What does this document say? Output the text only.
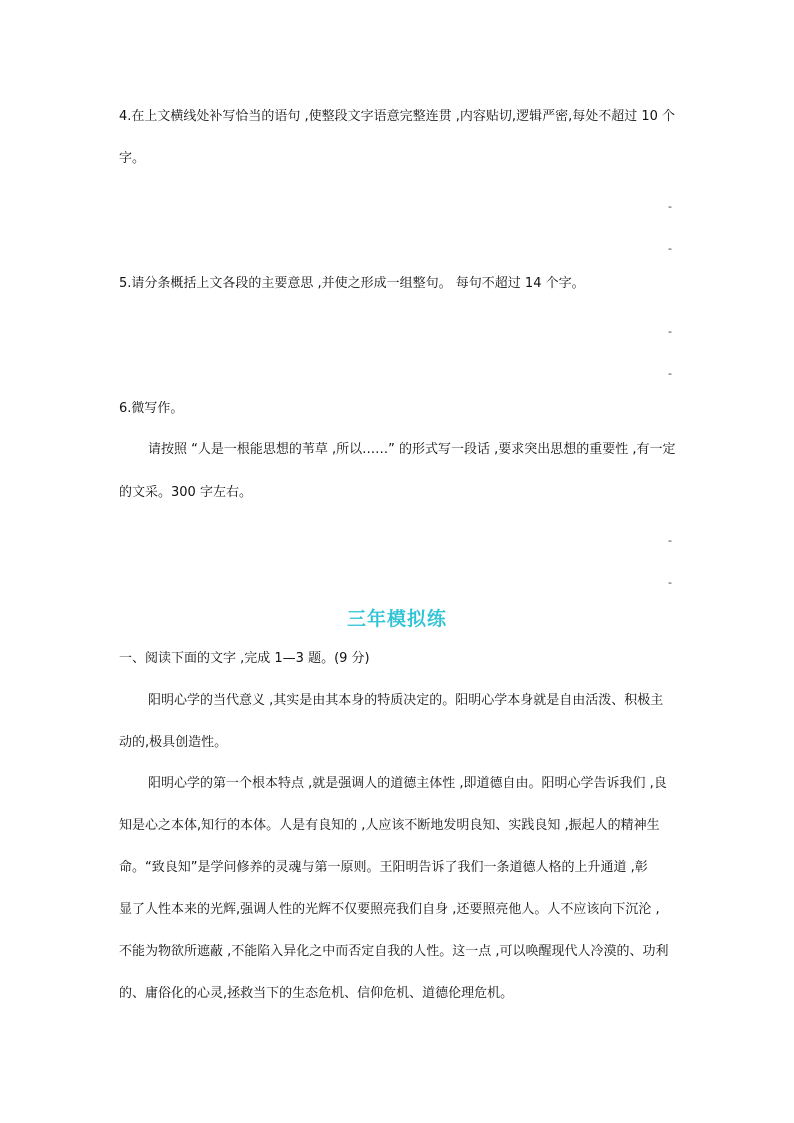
4.在上文横线处补写恰当的语句 ,使整段文字语意完整连贯 ,内容贴切,逻辑严密,每处不超过 10 个
字。
-
-
5.请分条概括上文各段的主要意思 ,并使之形成一组整句。 每句不超过 14 个字。
-
-
6.微写作。
请按照 “人是一根能思想的苇草 ,所以……” 的形式写一段话 ,要求突出思想的重要性 ,有一定
的文采。300 字左右。
-
-
三年模拟练
一、阅读下面的文字 ,完成 1—3 题。(9 分)
阳明心学的当代意义 ,其实是由其本身的特质决定的。阳明心学本身就是自由活泼、积极主
动的,极具创造性。
阳明心学的第一个根本特点 ,就是强调人的道德主体性 ,即道德自由。阳明心学告诉我们 ,良
知是心之本体,知行的本体。人是有良知的 ,人应该不断地发明良知、实践良知 ,振起人的精神生
命。“致良知”是学问修养的灵魂与第一原则。王阳明告诉了我们一条道德人格的上升通道 ,彰
显了人性本来的光辉,强调人性的光辉不仅要照亮我们自身 ,还要照亮他人。人不应该向下沉沦 ,
不能为物欲所遮蔽 ,不能陷入异化之中而否定自我的人性。这一点 ,可以唤醒现代人冷漠的、功利
的、庸俗化的心灵,拯救当下的生态危机、信仰危机、道德伦理危机。
